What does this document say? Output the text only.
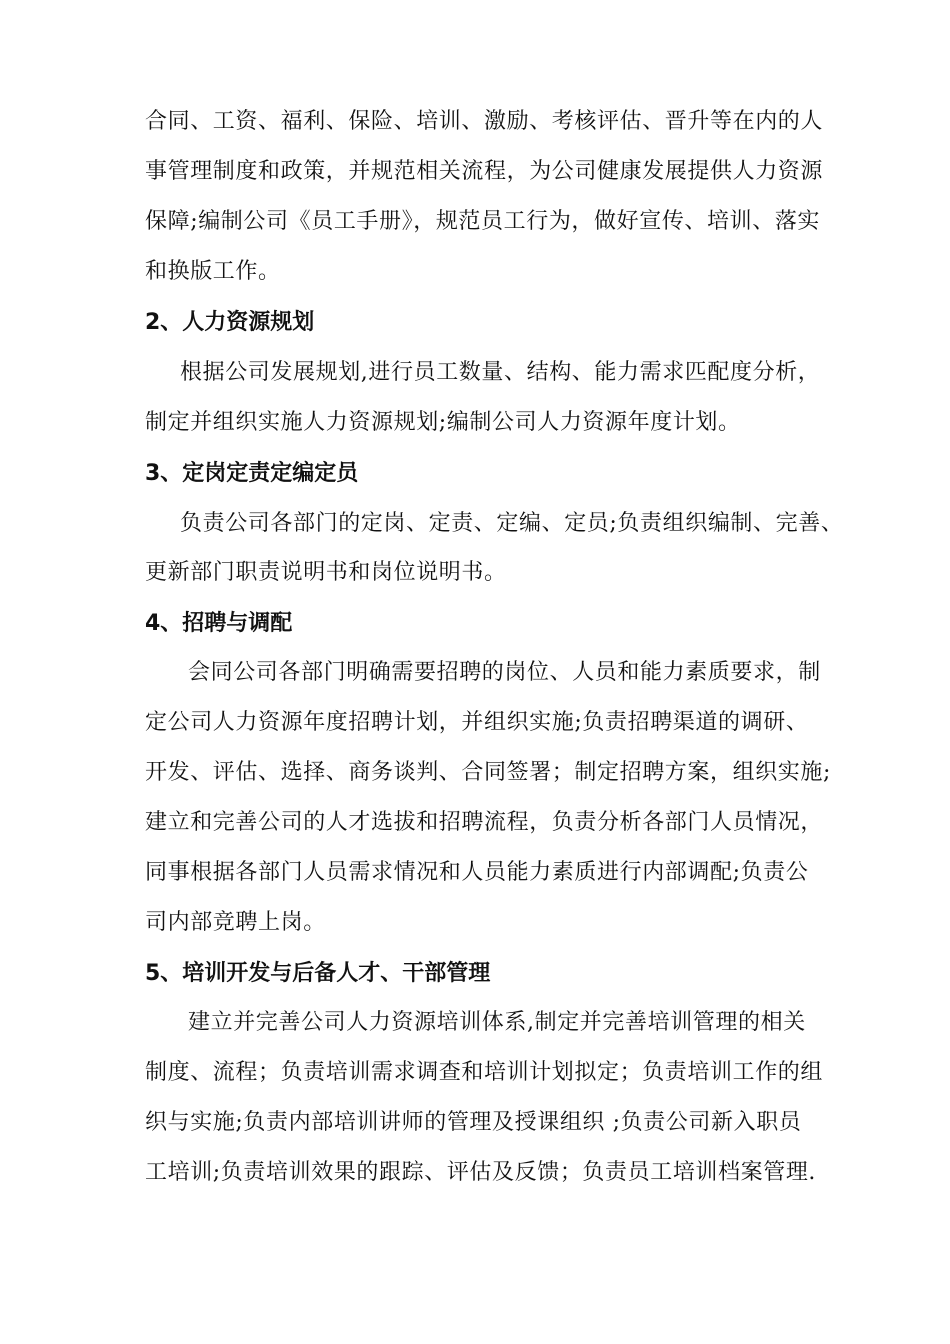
合同、工资、福利、保险、培训、激励、考核评估、晋升等在内的人
事管理制度和政策，并规范相关流程，为公司健康发展提供人力资源
保障;编制公司《员工手册》，规范员工行为，做好宣传、培训、落实
和换版工作。
2、人力资源规划
根据公司发展规划,进行员工数量、结构、能力需求匹配度分析，
制定并组织实施人力资源规划;编制公司人力资源年度计划。
3、定岗定责定编定员
负责公司各部门的定岗、定责、定编、定员;负责组织编制、完善、
更新部门职责说明书和岗位说明书。
4、招聘与调配
会同公司各部门明确需要招聘的岗位、人员和能力素质要求，制
定公司人力资源年度招聘计划，并组织实施;负责招聘渠道的调研、
开发、评估、选择、商务谈判、合同签署；制定招聘方案，组织实施;
建立和完善公司的人才选拔和招聘流程，负责分析各部门人员情况，
同事根据各部门人员需求情况和人员能力素质进行内部调配;负责公
司内部竞聘上岗。
5、培训开发与后备人才、干部管理
建立并完善公司人力资源培训体系,制定并完善培训管理的相关
制度、流程；负责培训需求调查和培训计划拟定；负责培训工作的组
织与实施;负责内部培训讲师的管理及授课组织 ;负责公司新入职员
工培训;负责培训效果的跟踪、评估及反馈；负责员工培训档案管理.
